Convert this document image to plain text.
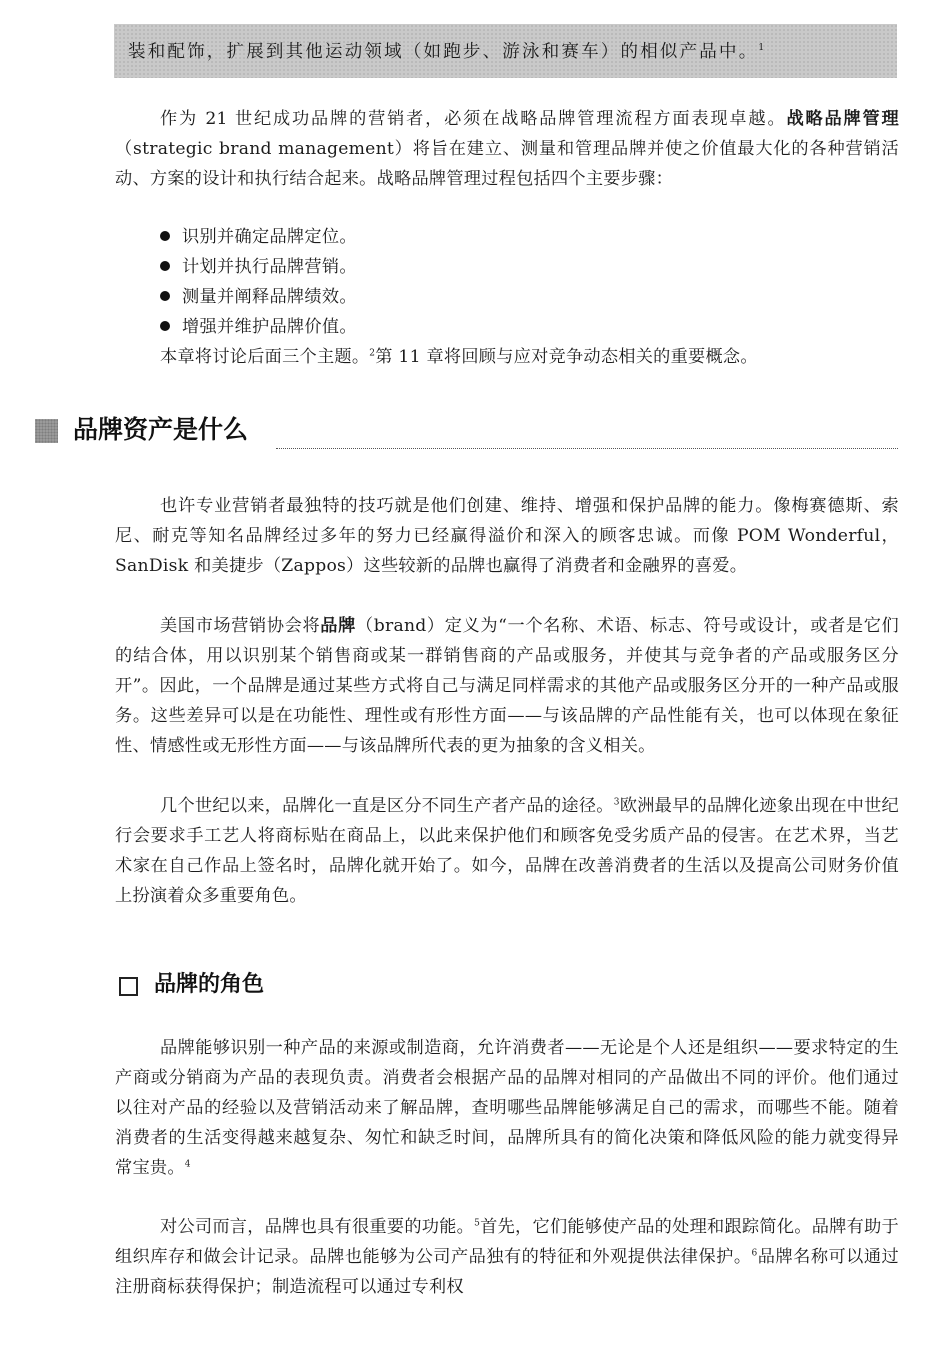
装和配饰，扩展到其他运动领域（如跑步、游泳和赛车）的相似产品中。$^1$

作为 21 世纪成功品牌的营销者，必须在战略品牌管理流程方面表现卓越。战略品牌管理（strategic brand management）将旨在建立、测量和管理品牌并使之价值最大化的各种营销活动、方案的设计和执行结合起来。战略品牌管理过程包括四个主要步骤：

识别并确定品牌定位。
计划并执行品牌营销。
测量并阐释品牌绩效。
增强并维护品牌价值。

本章将讨论后面三个主题。$^2$第 11 章将回顾与应对竞争动态相关的重要概念。

品牌资产是什么

也许专业营销者最独特的技巧就是他们创建、维持、增强和保护品牌的能力。像梅赛德斯、索尼、耐克等知名品牌经过多年的努力已经赢得溢价和深入的顾客忠诚。而像 POM Wonderful，SanDisk 和美捷步（Zappos）这些较新的品牌也赢得了消费者和金融界的喜爱。

美国市场营销协会将品牌（brand）定义为“一个名称、术语、标志、符号或设计，或者是它们的结合体，用以识别某个销售商或某一群销售商的产品或服务，并使其与竞争者的产品或服务区分开”。因此，一个品牌是通过某些方式将自己与满足同样需求的其他产品或服务区分开的一种产品或服务。这些差异可以是在功能性、理性或有形性方面——与该品牌的产品性能有关，也可以体现在象征性、情感性或无形性方面——与该品牌所代表的更为抽象的含义相关。

几个世纪以来，品牌化一直是区分不同生产者产品的途径。$^3$欧洲最早的品牌化迹象出现在中世纪行会要求手工艺人将商标贴在商品上，以此来保护他们和顾客免受劣质产品的侵害。在艺术界，当艺术家在自己作品上签名时，品牌化就开始了。如今，品牌在改善消费者的生活以及提高公司财务价值上扮演着众多重要角色。

品牌的角色

品牌能够识别一种产品的来源或制造商，允许消费者——无论是个人还是组织——要求特定的生产商或分销商为产品的表现负责。消费者会根据产品的品牌对相同的产品做出不同的评价。他们通过以往对产品的经验以及营销活动来了解品牌，查明哪些品牌能够满足自己的需求，而哪些不能。随着消费者的生活变得越来越复杂、匆忙和缺乏时间，品牌所具有的简化决策和降低风险的能力就变得异常宝贵。$^4$

对公司而言，品牌也具有很重要的功能。$^5$首先，它们能够使产品的处理和跟踪简化。品牌有助于组织库存和做会计记录。品牌也能够为公司产品独有的特征和外观提供法律保护。$^6$品牌名称可以通过注册商标获得保护；制造流程可以通过专利权
